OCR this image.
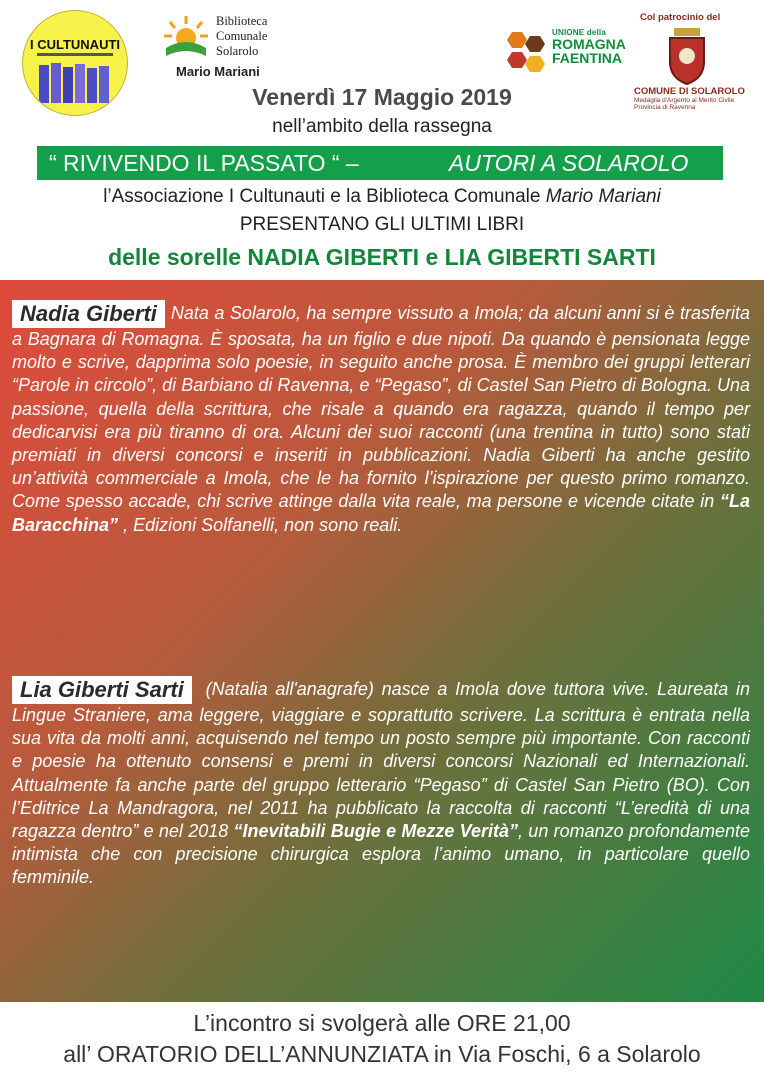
I CULTUNAUTI
Biblioteca
Comunale
Solarolo
Mario Mariani
UNIONE della
ROMAGNA
FAENTINA
Col patrocinio del
COMUNE DI SOLAROLO
Medaglia d'Argento al Merito Civile
Provincia di Ravenna
Venerdì 17 Maggio 2019
nell’ambito della rassegna
“ RIVIVENDO IL PASSATO “ –	AUTORI A SOLAROLO
l’Associazione I Cultunauti e la Biblioteca Comunale Mario Mariani
PRESENTANO GLI ULTIMI LIBRI
delle sorelle NADIA GIBERTI e LIA GIBERTI SARTI

Nadia Giberti Nata a Solarolo, ha sempre vissuto a Imola; da alcuni anni si è trasferita a Bagnara di Romagna. È sposata, ha un figlio e due nipoti. Da quando è pensionata legge molto e scrive, dapprima solo poesie, in seguito anche prosa. È membro dei gruppi letterari “Parole in circolo”, di Barbiano di Ravenna, e “Pegaso”, di Castel San Pietro di Bologna. Una passione, quella della scrittura, che risale a quando era ragazza, quando il tempo per dedicarvisi era più tiranno di ora. Alcuni dei suoi racconti (una trentina in tutto) sono stati premiati in diversi concorsi e inseriti in pubblicazioni. Nadia Giberti ha anche gestito un’attività commerciale a Imola, che le ha fornito l’ispirazione per questo primo romanzo. Come spesso accade, chi scrive attinge dalla vita reale, ma persone e vicende citate in “La Baracchina” , Edizioni Solfanelli, non sono reali.

Lia Giberti Sarti (Natalia all'anagrafe) nasce a Imola dove tuttora vive. Laureata in Lingue Straniere, ama leggere, viaggiare e soprattutto scrivere. La scrittura è entrata nella sua vita da molti anni, acquisendo nel tempo un posto sempre più importante. Con racconti e poesie ha ottenuto consensi e premi in diversi concorsi Nazionali ed Internazionali. Attualmente fa anche parte del gruppo letterario “Pegaso” di Castel San Pietro (BO). Con l’Editrice La Mandragora, nel 2011 ha pubblicato la raccolta di racconti “L’eredità di una ragazza dentro” e nel 2018 “Inevitabili Bugie e Mezze Verità”, un romanzo profondamente intimista che con precisione chirurgica esplora l’animo umano, in particolare quello femminile.

L’incontro si svolgerà alle ORE 21,00
all’ ORATORIO DELL’ANNUNZIATA in Via Foschi, 6 a Solarolo
